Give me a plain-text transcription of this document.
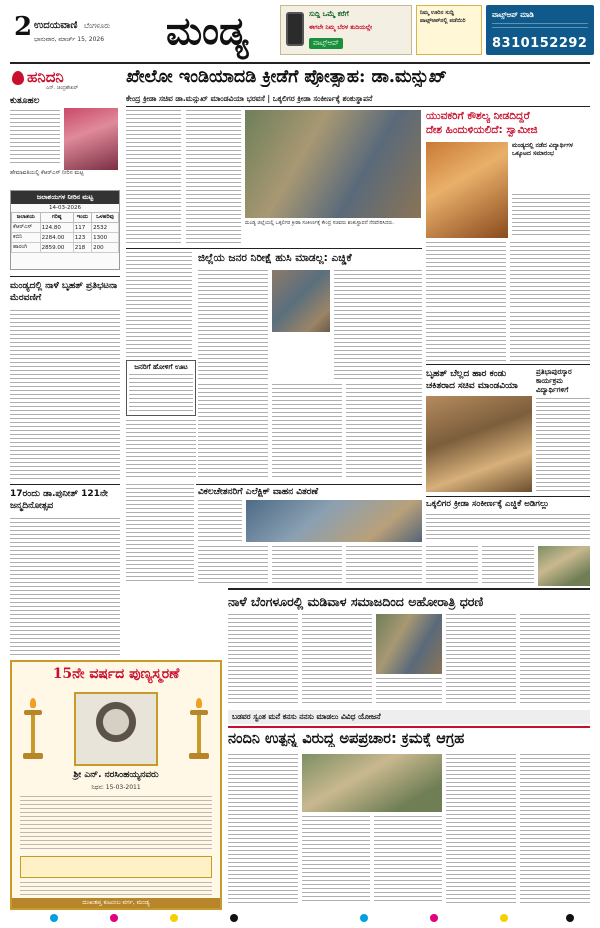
2 ಉದಯವಾಣಿ ಬೆಂಗಳೂರು
ಭಾನುವಾರ, ಮಾರ್ಚ್ 15, 2026 ಮಂಡ್ಯ	ಸುದ್ದಿ ಒಮ್ಮೆ ಕರೆಗೆ
ಈಗಲೇ ನಿಮ್ಮ ಬೆರಳ ತುದಿಯಲ್ಲೇ
ವಾಟ್ಸ್‌ಆಪ್
ನಿಮ್ಮ ಊರಿನ ಸುದ್ದಿ ವಾಟ್ಸ್‌ಆಪ್‌ನಲ್ಲಿ ಪಡೆಯಿರಿ
ವಾಟ್ಸ್‌ಆಪ್ ಮಾಡಿ
8310152292
ಹನಿದನಿ
ಎನ್. ಚಂದ್ರಶೇಖರ್
ಕುತೂಹಲ
ಹೇಮಾವತಿಯಲ್ಲಿ ಕೆಆರ್‌ಎಸ್ ನೀರಿನ ಮಟ್ಟ
ಜಲಾಶಯಗಳ ನೀರಿನ ಮಟ್ಟ
14-03-2026
ಜಲಾಶಯ	ಗರಿಷ್ಠ	ಇಂದು	ಒಳಹರಿವು
ಕೆಆರ್‌ಎಸ್	124.80	117	2532
ಕಬಿನಿ	2284.00	123	1300
ಹಾರಂಗಿ	2859.00	218	200
ಮಂಡ್ಯದಲ್ಲಿ ನಾಳೆ ಬೃಹತ್ ಪ್ರತಿಭಟನಾ ಮೆರವಣಿಗೆ
17ರಂದು ಡಾ.ಪುನೀತ್ 121ನೇ ಜನ್ಮದಿನೋತ್ಸವ
ಖೇಲೋ ಇಂಡಿಯಾದಡಿ ಕ್ರೀಡೆಗೆ ಪ್ರೋತ್ಸಾಹ: ಡಾ.ಮನ್ಸುಖ್
ಕೇಂದ್ರ ಕ್ರೀಡಾ ಸಚಿವ ಡಾ.ಮನ್ಸುಖ್ ಮಾಂಡವಿಯಾ ಭರವಸೆ | ಒಕ್ಕಲಿಗರ ಕ್ರೀಡಾ ಸಂಕೀರ್ಣಕ್ಕೆ ಶಂಕುಸ್ಥಾಪನೆ
ಮಂಡ್ಯ ಜಿಲ್ಲೆಯಲ್ಲಿ ಒಕ್ಕಲಿಗರ ಕ್ರೀಡಾ ಸಂಕೀರ್ಣಕ್ಕೆ ಕೇಂದ್ರ ಸಚಿವರು ಶಂಕುಸ್ಥಾಪನೆ ನೆರವೇರಿಸಿದರು.
ಜಿಲ್ಲೆಯ ಜನರ ನಿರೀಕ್ಷೆ ಹುಸಿ ಮಾಡಲ್ಲ: ಎಚ್ಡಿಕೆ
ಜನರಿಗೆ ಹೋಳಿಗೆ ಊಟ
ವಿಕಲಚೇತನರಿಗೆ ಎಲೆಕ್ಟ್ರಿಕ್ ವಾಹನ ವಿತರಣೆ
ಯುವಕರಿಗೆ ಕೌಶಲ್ಯ ನೀಡದಿದ್ದರೆ
ದೇಶ ಹಿಂದುಳಿಯಲಿದೆ: ಸ್ವಾಮೀಜಿ
ಮಂಡ್ಯದಲ್ಲಿ ನಡೆದ ವಿದ್ಯಾರ್ಥಿಗಳ ಒಕ್ಕೂಟದ ಸಮಾರಂಭ
ಬೃಹತ್ ಬೆಲ್ಲದ ಹಾರ ಕಂಡು ಚಕಿತರಾದ ಸಚಿವ ಮಾಂಡವಿಯಾ
ಪ್ರತಿಭಾಪುರಸ್ಕಾರ ಕಾರ್ಯಕ್ರಮ ವಿದ್ಯಾರ್ಥಿಗಳಿಗೆ
ಒಕ್ಕಲಿಗರ ಕ್ರೀಡಾ ಸಂಕೀರ್ಣಕ್ಕೆ ಎಚ್ಡಿಕೆ ಅಡಿಗಲ್ಲು
15ನೇ ವರ್ಷದ ಪುಣ್ಯಸ್ಮರಣೆ
ಶ್ರೀ ಎನ್. ನರಸಿಂಹಯ್ಯನವರು
ನಿಧನ: 15-03-2011
ದುಃಖತಪ್ತ ಕುಟುಂಬ ವರ್ಗ, ಮಂಡ್ಯ
ನಾಳೆ ಬೆಂಗಳೂರಲ್ಲಿ ಮಡಿವಾಳ ಸಮಾಜದಿಂದ ಅಹೋರಾತ್ರಿ ಧರಣಿ
ಬಡವರ ಸ್ವಂತ ಮನೆ ಕನಸು ನನಸು ಮಾಡಲು ವಿವಿಧ ಯೋಜನೆ
ನಂದಿನಿ ಉತ್ಪನ್ನ ವಿರುದ್ಧ ಅಪಪ್ರಚಾರ: ಕ್ರಮಕ್ಕೆ ಆಗ್ರಹ
